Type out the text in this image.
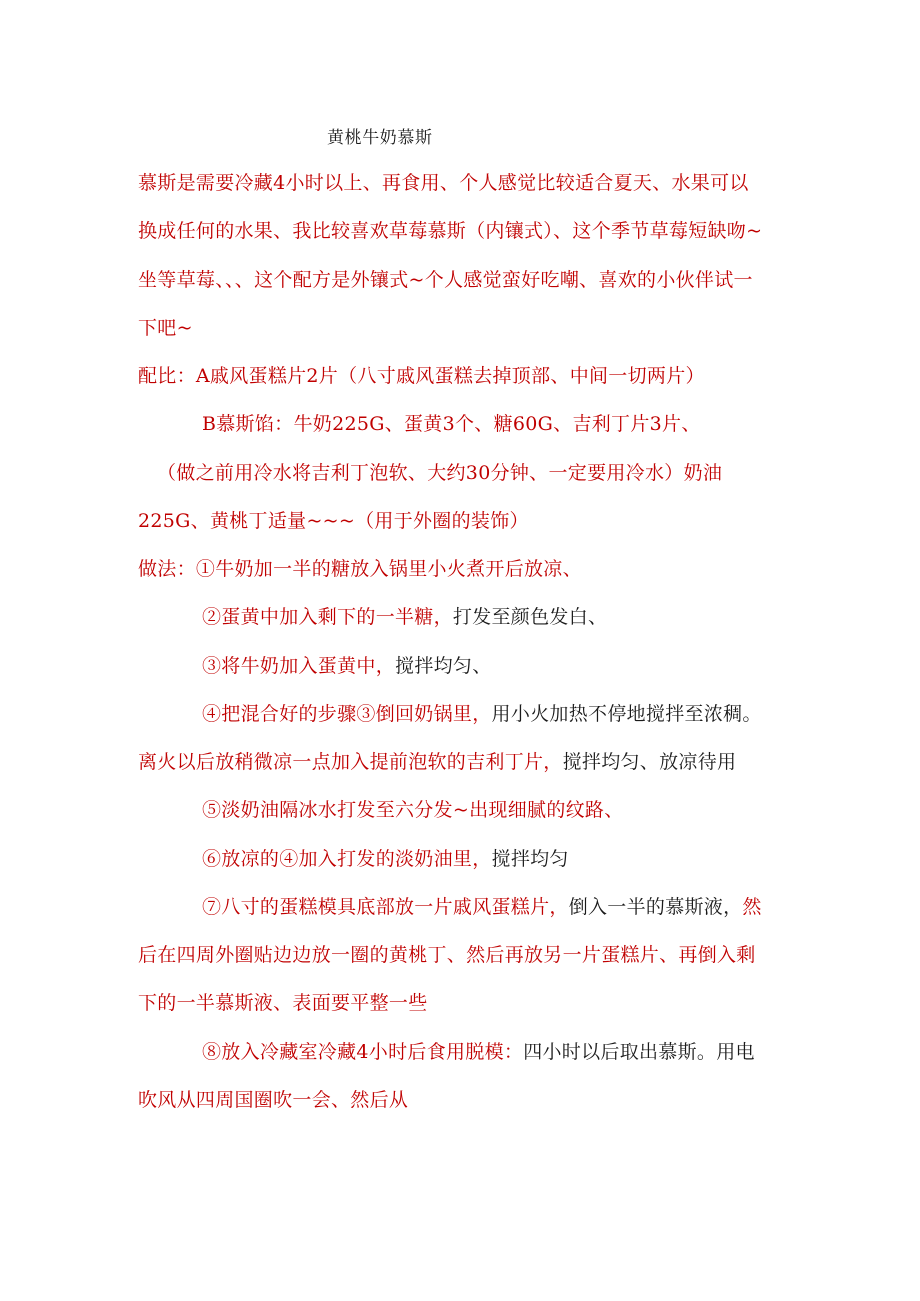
黄桃牛奶慕斯
慕斯是需要冷藏4小时以上、再食用、个人感觉比较适合夏天、水果可以
换成任何的水果、我比较喜欢草莓慕斯（内镶式）、这个季节草莓短缺吻~
坐等草莓、、、这个配方是外镶式~个人感觉蛮好吃嘲、喜欢的小伙伴试一
下吧~
配比：A戚风蛋糕片2片（八寸戚风蛋糕去掉顶部、中间一切两片）
B慕斯馅：牛奶225G、蛋黄3个、糖60G、吉利丁片3片、
（做之前用冷水将吉利丁泡软、大约30分钟、一定要用冷水）奶油
225G、黄桃丁适量~~~（用于外圈的装饰）
做法：①牛奶加一半的糖放入锅里小火煮开后放凉、
②蛋黄中加入剩下的一半糖，打发至颜色发白、
③将牛奶加入蛋黄中，搅拌均匀、
④把混合好的步骤③倒回奶锅里，用小火加热不停地搅拌至浓稠。
离火以后放稍微凉一点加入提前泡软的吉利丁片，搅拌均匀、放凉待用
⑤淡奶油隔冰水打发至六分发~出现细腻的纹路、
⑥放凉的④加入打发的淡奶油里，搅拌均匀
⑦八寸的蛋糕模具底部放一片戚风蛋糕片，倒入一半的慕斯液，然
后在四周外圈贴边边放一圈的黄桃丁、然后再放另一片蛋糕片、再倒入剩
下的一半慕斯液、表面要平整一些
⑧放入冷藏室冷藏4小时后食用脱模：四小时以后取出慕斯。用电
吹风从四周国圈吹一会、然后从
